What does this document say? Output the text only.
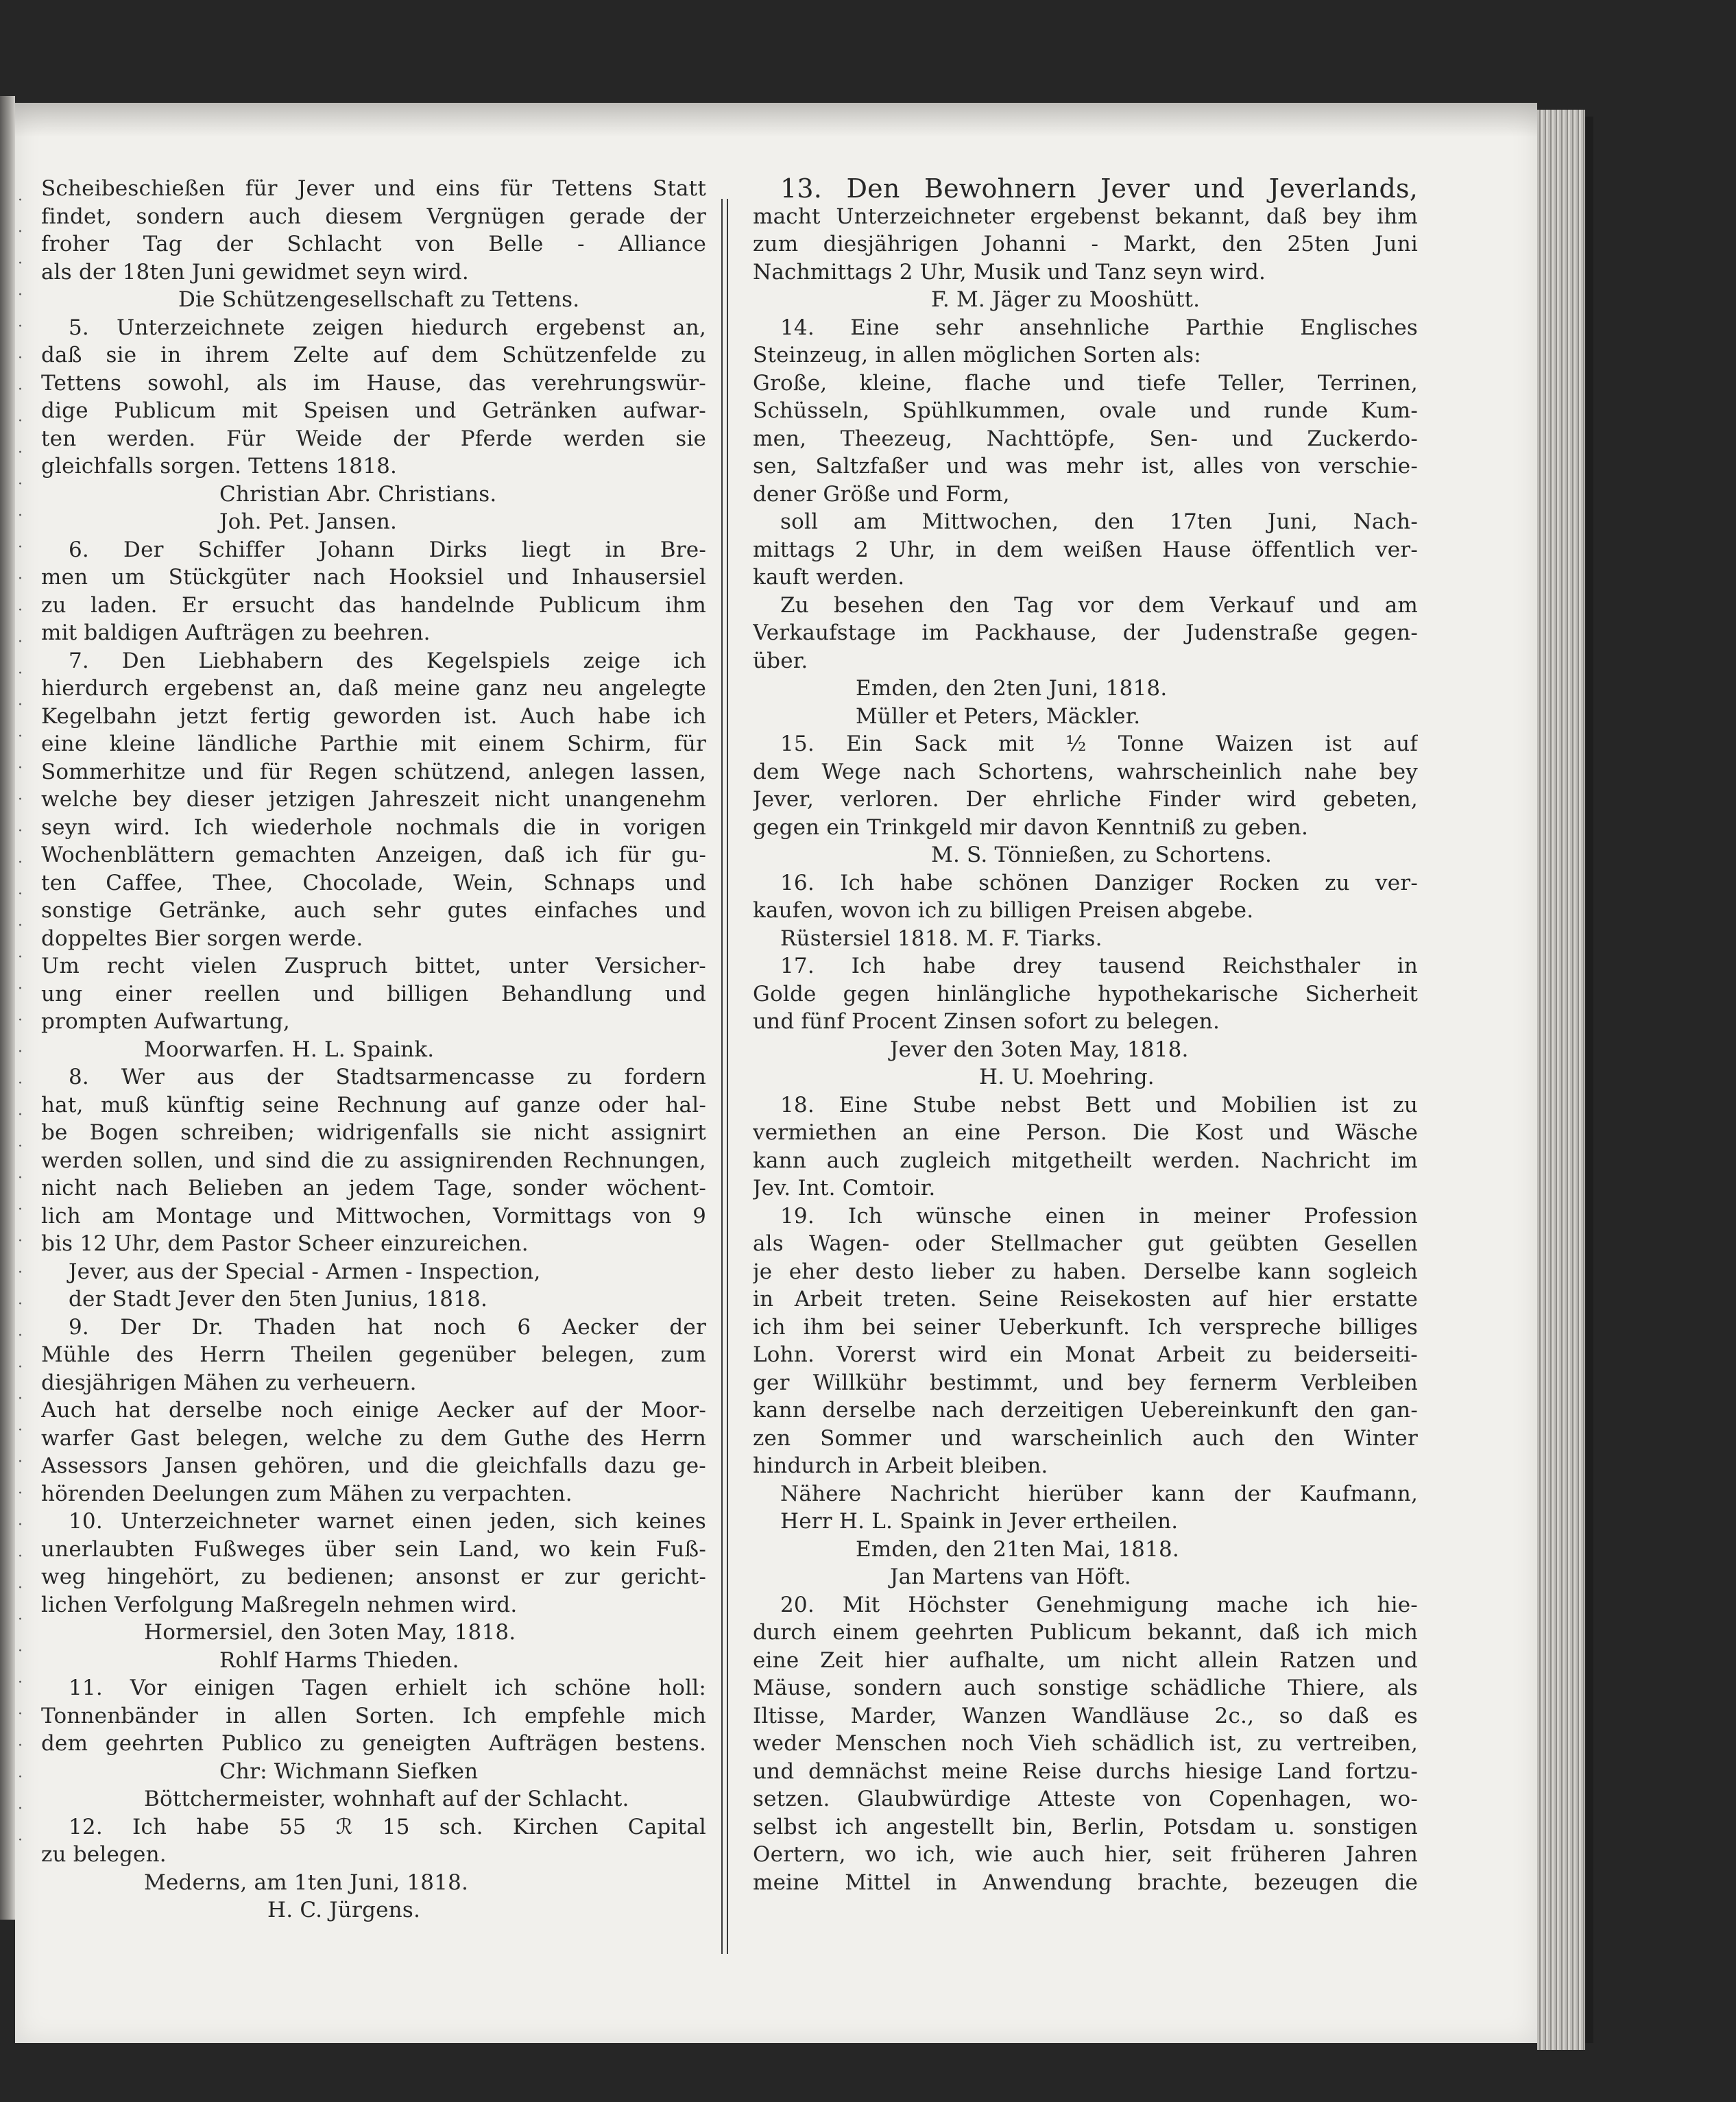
·
·
·
·
·
·
·
·
·
·
·
·
·
·
·
·
·
·
·
·
·
·
·
·
·
·
·
·
·
·
·
·
·
·
·
·
·
·
·
·
·
·
·
·
·
·
·
·
·
·
·
·
·
Scheibeschießen für Jever und eins für Tettens Statt
findet, sondern auch diesem Vergnügen gerade der
froher Tag der Schlacht von Belle - Alliance
als der 18ten Juni gewidmet seyn wird.
Die Schützengesellschaft zu Tettens.
5. Unterzeichnete zeigen hiedurch ergebenst an,
daß sie in ihrem Zelte auf dem Schützenfelde zu
Tettens sowohl, als im Hause, das verehrungswür-
dige Publicum mit Speisen und Getränken aufwar-
ten werden. Für Weide der Pferde werden sie
gleichfalls sorgen. Tettens 1818.
Christian Abr. Christians.
Joh. Pet. Jansen.
6. Der Schiffer Johann Dirks liegt in Bre-
men um Stückgüter nach Hooksiel und Inhausersiel
zu laden. Er ersucht das handelnde Publicum ihm
mit baldigen Aufträgen zu beehren.
7. Den Liebhabern des Kegelspiels zeige ich
hierdurch ergebenst an, daß meine ganz neu angelegte
Kegelbahn jetzt fertig geworden ist. Auch habe ich
eine kleine ländliche Parthie mit einem Schirm, für
Sommerhitze und für Regen schützend, anlegen lassen,
welche bey dieser jetzigen Jahreszeit nicht unangenehm
seyn wird. Ich wiederhole nochmals die in vorigen
Wochenblättern gemachten Anzeigen, daß ich für gu-
ten Caffee, Thee, Chocolade, Wein, Schnaps und
sonstige Getränke, auch sehr gutes einfaches und
doppeltes Bier sorgen werde.
Um recht vielen Zuspruch bittet, unter Versicher-
ung einer reellen und billigen Behandlung und
prompten Aufwartung,
Moorwarfen. H. L. Spaink.
8. Wer aus der Stadtsarmencasse zu fordern
hat, muß künftig seine Rechnung auf ganze oder hal-
be Bogen schreiben; widrigenfalls sie nicht assignirt
werden sollen, und sind die zu assignirenden Rechnungen,
nicht nach Belieben an jedem Tage, sonder wöchent-
lich am Montage und Mittwochen, Vormittags von 9
bis 12 Uhr, dem Pastor Scheer einzureichen.
Jever, aus der Special - Armen - Inspection,
der Stadt Jever den 5ten Junius, 1818.
9. Der Dr. Thaden hat noch 6 Aecker der
Mühle des Herrn Theilen gegenüber belegen, zum
diesjährigen Mähen zu verheuern.
Auch hat derselbe noch einige Aecker auf der Moor-
warfer Gast belegen, welche zu dem Guthe des Herrn
Assessors Jansen gehören, und die gleichfalls dazu ge-
hörenden Deelungen zum Mähen zu verpachten.
10. Unterzeichneter warnet einen jeden, sich keines
unerlaubten Fußweges über sein Land, wo kein Fuß-
weg hingehört, zu bedienen; ansonst er zur gericht-
lichen Verfolgung Maßregeln nehmen wird.
Hormersiel, den 3oten May, 1818.
Rohlf Harms Thieden.
11. Vor einigen Tagen erhielt ich schöne holl:
Tonnenbänder in allen Sorten. Ich empfehle mich
dem geehrten Publico zu geneigten Aufträgen bestens.
Chr: Wichmann Siefken
Böttchermeister, wohnhaft auf der Schlacht.
12. Ich habe 55 ℛ 15 sch. Kirchen Capital
zu belegen.
Mederns, am 1ten Juni, 1818.
H. C. Jürgens.
13. Den Bewohnern Jever und Jeverlands,
macht Unterzeichneter ergebenst bekannt, daß bey ihm
zum diesjährigen Johanni - Markt, den 25ten Juni
Nachmittags 2 Uhr, Musik und Tanz seyn wird.
F. M. Jäger zu Mooshütt.
14. Eine sehr ansehnliche Parthie Englisches
Steinzeug, in allen möglichen Sorten als:
Große, kleine, flache und tiefe Teller, Terrinen,
Schüsseln, Spühlkummen, ovale und runde Kum-
men, Theezeug, Nachttöpfe, Sen- und Zuckerdo-
sen, Saltzfaßer und was mehr ist, alles von verschie-
dener Größe und Form,
soll am Mittwochen, den 17ten Juni, Nach-
mittags 2 Uhr, in dem weißen Hause öffentlich ver-
kauft werden.
Zu besehen den Tag vor dem Verkauf und am
Verkaufstage im Packhause, der Judenstraße gegen-
über.
Emden, den 2ten Juni, 1818.
Müller et Peters, Mäckler.
15. Ein Sack mit ½ Tonne Waizen ist auf
dem Wege nach Schortens, wahrscheinlich nahe bey
Jever, verloren. Der ehrliche Finder wird gebeten,
gegen ein Trinkgeld mir davon Kenntniß zu geben.
M. S. Tönnießen, zu Schortens.
16. Ich habe schönen Danziger Rocken zu ver-
kaufen, wovon ich zu billigen Preisen abgebe.
Rüstersiel 1818. M. F. Tiarks.
17. Ich habe drey tausend Reichsthaler in
Golde gegen hinlängliche hypothekarische Sicherheit
und fünf Procent Zinsen sofort zu belegen.
Jever den 3oten May, 1818.
H. U. Moehring.
18. Eine Stube nebst Bett und Mobilien ist zu
vermiethen an eine Person. Die Kost und Wäsche
kann auch zugleich mitgetheilt werden. Nachricht im
Jev. Int. Comtoir.
19. Ich wünsche einen in meiner Profession
als Wagen- oder Stellmacher gut geübten Gesellen
je eher desto lieber zu haben. Derselbe kann sogleich
in Arbeit treten. Seine Reisekosten auf hier erstatte
ich ihm bei seiner Ueberkunft. Ich verspreche billiges
Lohn. Vorerst wird ein Monat Arbeit zu beiderseiti-
ger Willkühr bestimmt, und bey fernerm Verbleiben
kann derselbe nach derzeitigen Uebereinkunft den gan-
zen Sommer und warscheinlich auch den Winter
hindurch in Arbeit bleiben.
Nähere Nachricht hierüber kann der Kaufmann,
Herr H. L. Spaink in Jever ertheilen.
Emden, den 21ten Mai, 1818.
Jan Martens van Höft.
20. Mit Höchster Genehmigung mache ich hie-
durch einem geehrten Publicum bekannt, daß ich mich
eine Zeit hier aufhalte, um nicht allein Ratzen und
Mäuse, sondern auch sonstige schädliche Thiere, als
Iltisse, Marder, Wanzen Wandläuse 2c., so daß es
weder Menschen noch Vieh schädlich ist, zu vertreiben,
und demnächst meine Reise durchs hiesige Land fortzu-
setzen. Glaubwürdige Atteste von Copenhagen, wo-
selbst ich angestellt bin, Berlin, Potsdam u. sonstigen
Oertern, wo ich, wie auch hier, seit früheren Jahren
meine Mittel in Anwendung brachte, bezeugen die
